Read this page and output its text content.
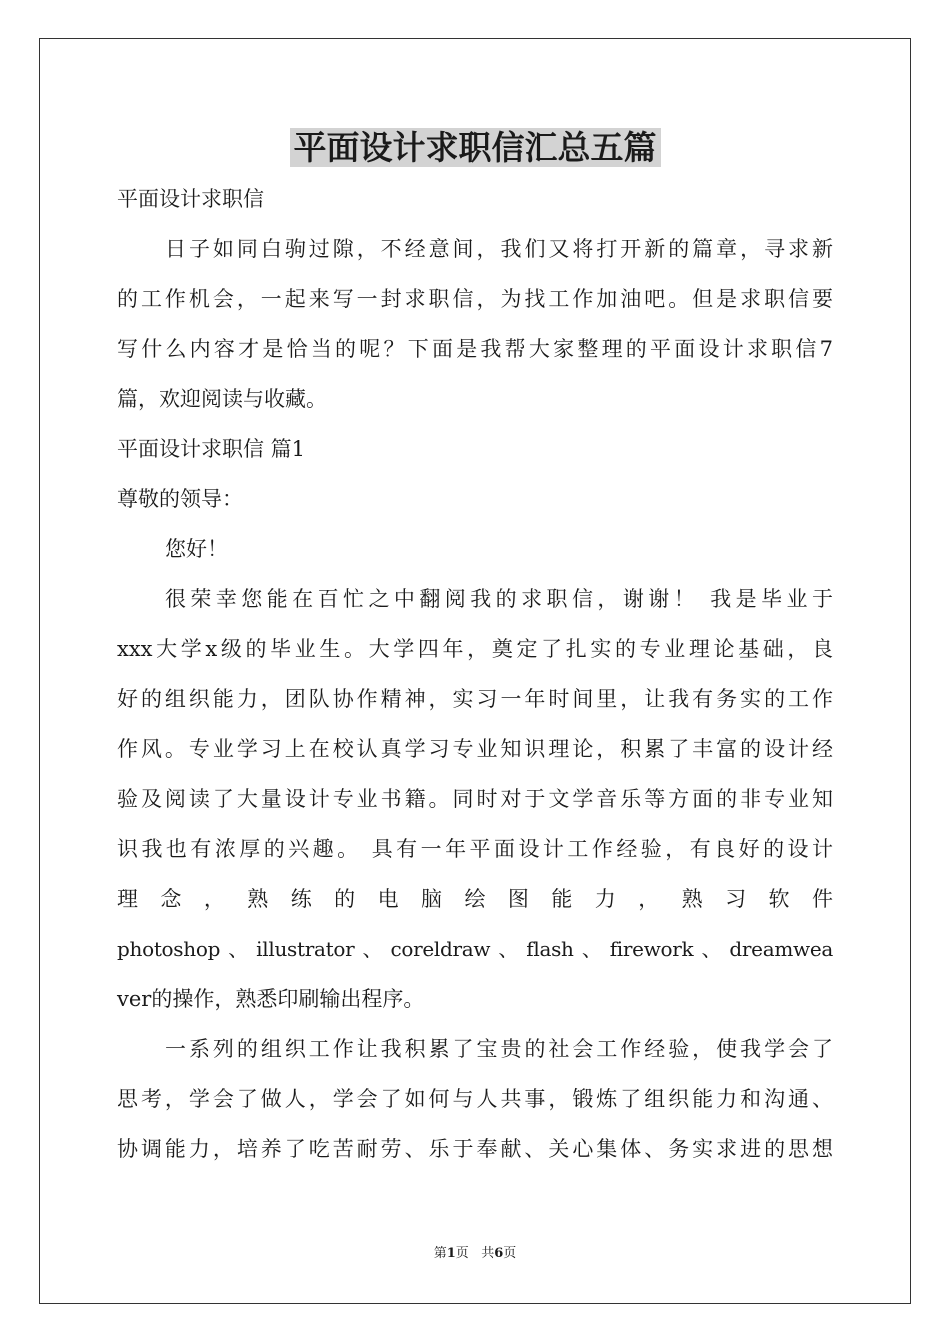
平面设计求职信汇总五篇
平面设计求职信
日子如同白驹过隙，不经意间，我们又将打开新的篇章，寻求新
的工作机会，一起来写一封求职信，为找工作加油吧。但是求职信要
写什么内容才是恰当的呢？下面是我帮大家整理的平面设计求职信7
篇，欢迎阅读与收藏。
平面设计求职信 篇1
尊敬的领导：
您好！
很荣幸您能在百忙之中翻阅我的求职信，谢谢！ 我是毕业于
xxx大学x级的毕业生。大学四年，奠定了扎实的专业理论基础，良
好的组织能力，团队协作精神，实习一年时间里，让我有务实的工作
作风。专业学习上在校认真学习专业知识理论，积累了丰富的设计经
验及阅读了大量设计专业书籍。同时对于文学音乐等方面的非专业知
识我也有浓厚的兴趣。 具有一年平面设计工作经验，有良好的设计
理 念 ， 熟 练 的 电 脑 绘 图 能 力 ， 熟 习 软 件
photoshop、illustrator、coreldraw、flash、firework、dreamwea
ver的操作，熟悉印刷输出程序。
一系列的组织工作让我积累了宝贵的社会工作经验，使我学会了
思考，学会了做人，学会了如何与人共事，锻炼了组织能力和沟通、
协调能力，培养了吃苦耐劳、乐于奉献、关心集体、务实求进的思想
第1页 共6页
